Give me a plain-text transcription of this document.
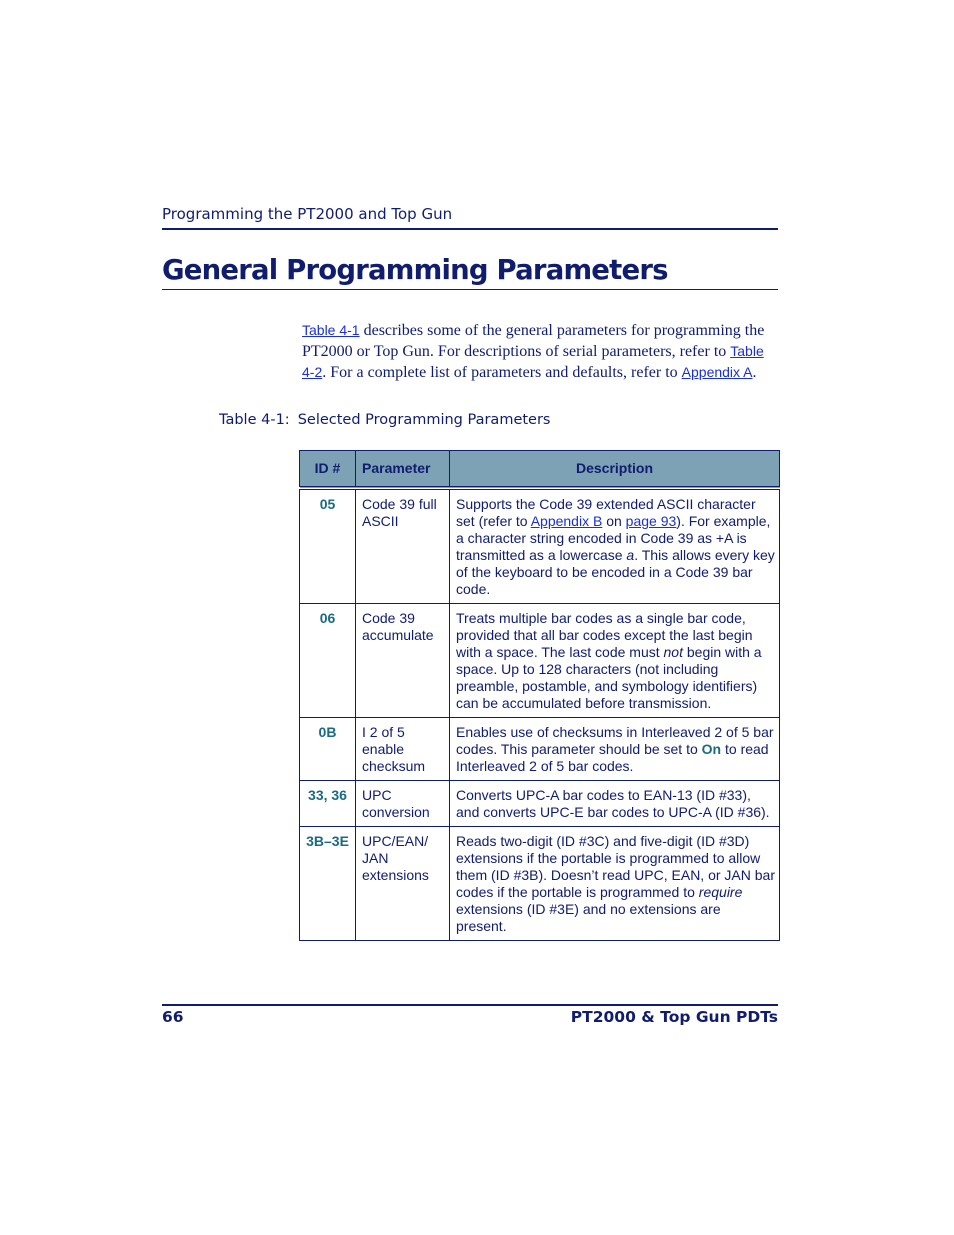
Programming the PT2000 and Top Gun
General Programming Parameters

Table 4-1 describes some of the general parameters for programming the PT2000 or Top Gun. For descriptions of serial parameters, refer to Table 4-2. For a complete list of parameters and defaults, refer to Appendix A.

Table 4-1: Selected Programming Parameters
ID #	Parameter	Description
05	Code 39 full ASCII	Supports the Code 39 extended ASCII character set (refer to Appendix B on page 93). For example, a character string encoded in Code 39 as +A is transmitted as a lowercase a. This allows every key of the keyboard to be encoded in a Code 39 bar code.
06	Code 39 accumulate	Treats multiple bar codes as a single bar code, provided that all bar codes except the last begin with a space. The last code must not begin with a space. Up to 128 characters (not including preamble, postamble, and symbology identifiers) can be accumulated before transmission.
0B	I 2 of 5 enable checksum	Enables use of checksums in Interleaved 2 of 5 bar codes. This parameter should be set to On to read Interleaved 2 of 5 bar codes.
33, 36	UPC conversion	Converts UPC-A bar codes to EAN-13 (ID #33), and converts UPC-E bar codes to UPC-A (ID #36).
3B–3E	UPC/EAN/ JAN extensions	Reads two-digit (ID #3C) and five-digit (ID #3D) extensions if the portable is programmed to allow them (ID #3B). Doesn’t read UPC, EAN, or JAN bar codes if the portable is programmed to require extensions (ID #3E) and no extensions are present.
66	PT2000 & Top Gun PDTs
